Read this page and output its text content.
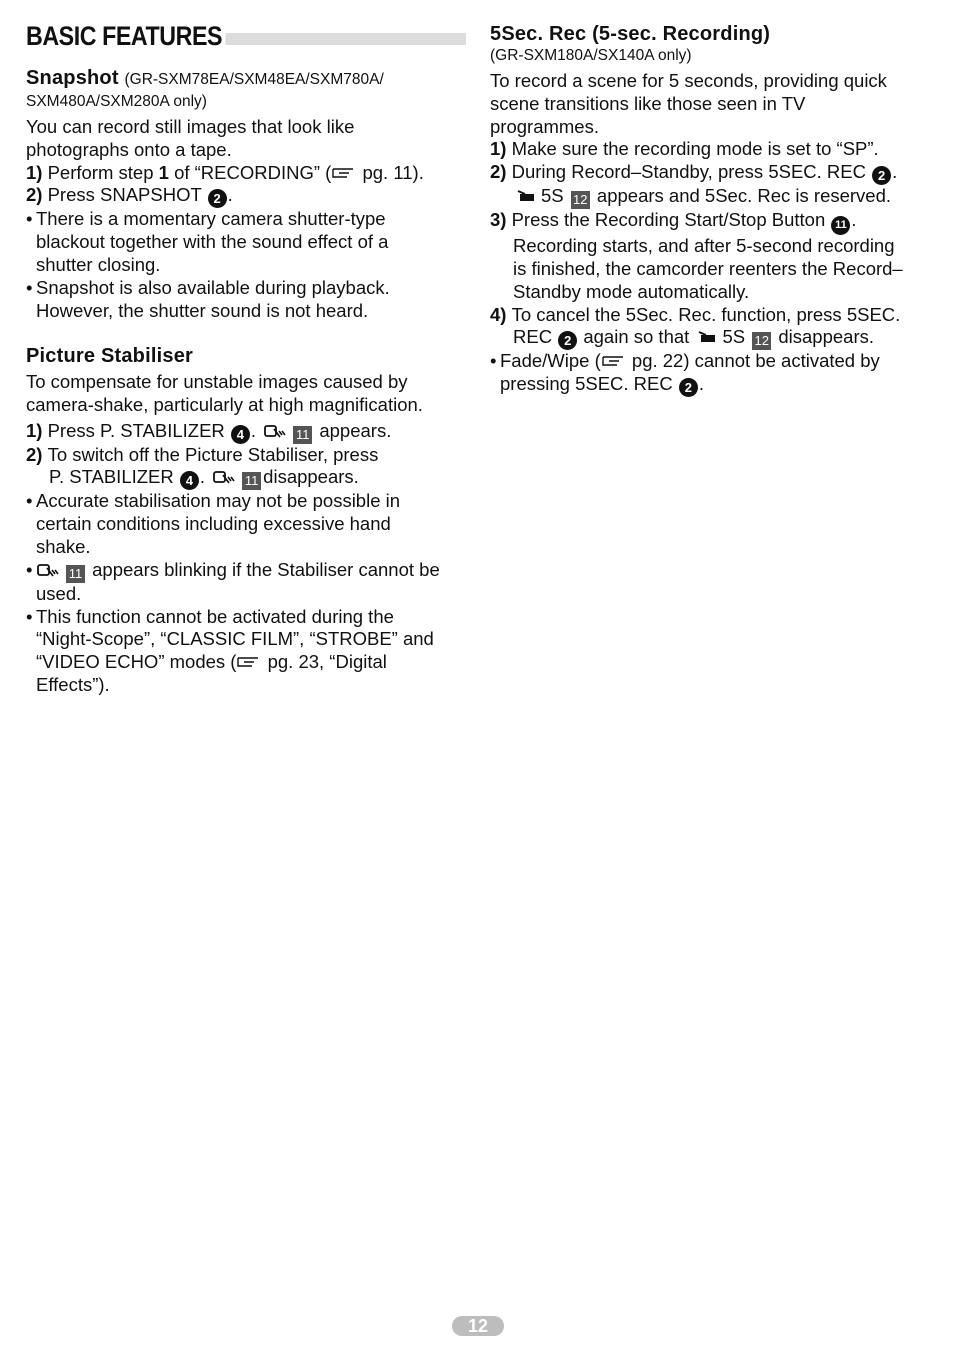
BASIC FEATURES
Snapshot (GR-SXM78EA/SXM48EA/SXM780A/
SXM480A/SXM280A only)

You can record still images that look like

photographs onto a tape.

1) Perform step 1 of “RECORDING” ( pg. 11).
2) Press SNAPSHOT 2 .
• There is a momentary camera shutter-type
blackout together with the sound effect of a
shutter closing.
• Snapshot is also available during playback.
However, the shutter sound is not heard.
Picture Stabiliser

To compensate for unstable images caused by

camera-shake, particularly at high magnification.

1) Press P. STABILIZER 4 .	11 appears.
2) To switch off the Picture Stabiliser, press
P. STABILIZER 4 .	11 disappears.
• Accurate stabilisation may not be possible in
certain conditions including excessive hand
shake.
•	11 appears blinking if the Stabiliser cannot be
used.
• This function cannot be activated during the
“Night-Scope”, “CLASSIC FILM”, “STROBE” and
“VIDEO ECHO” modes ( pg. 23, “Digital
Effects”).
5Sec. Rec (5-sec. Recording)
(GR-SXM180A/SX140A only)

To record a scene for 5 seconds, providing quick

scene transitions like those seen in TV

programmes.

1) Make sure the recording mode is set to “SP”.
2) During Record–Standby, press 5SEC. REC 2 .
5S 12 appears and 5Sec. Rec is reserved.
3) Press the Recording Start/Stop Button 11 .
Recording starts, and after 5-second recording
is finished, the camcorder reenters the Record–
Standby mode automatically.
4) To cancel the 5Sec. Rec. function, press 5SEC.
REC 2 again so that 5S 12 disappears.
• Fade/Wipe ( pg. 22) cannot be activated by
pressing 5SEC. REC 2 .
12
